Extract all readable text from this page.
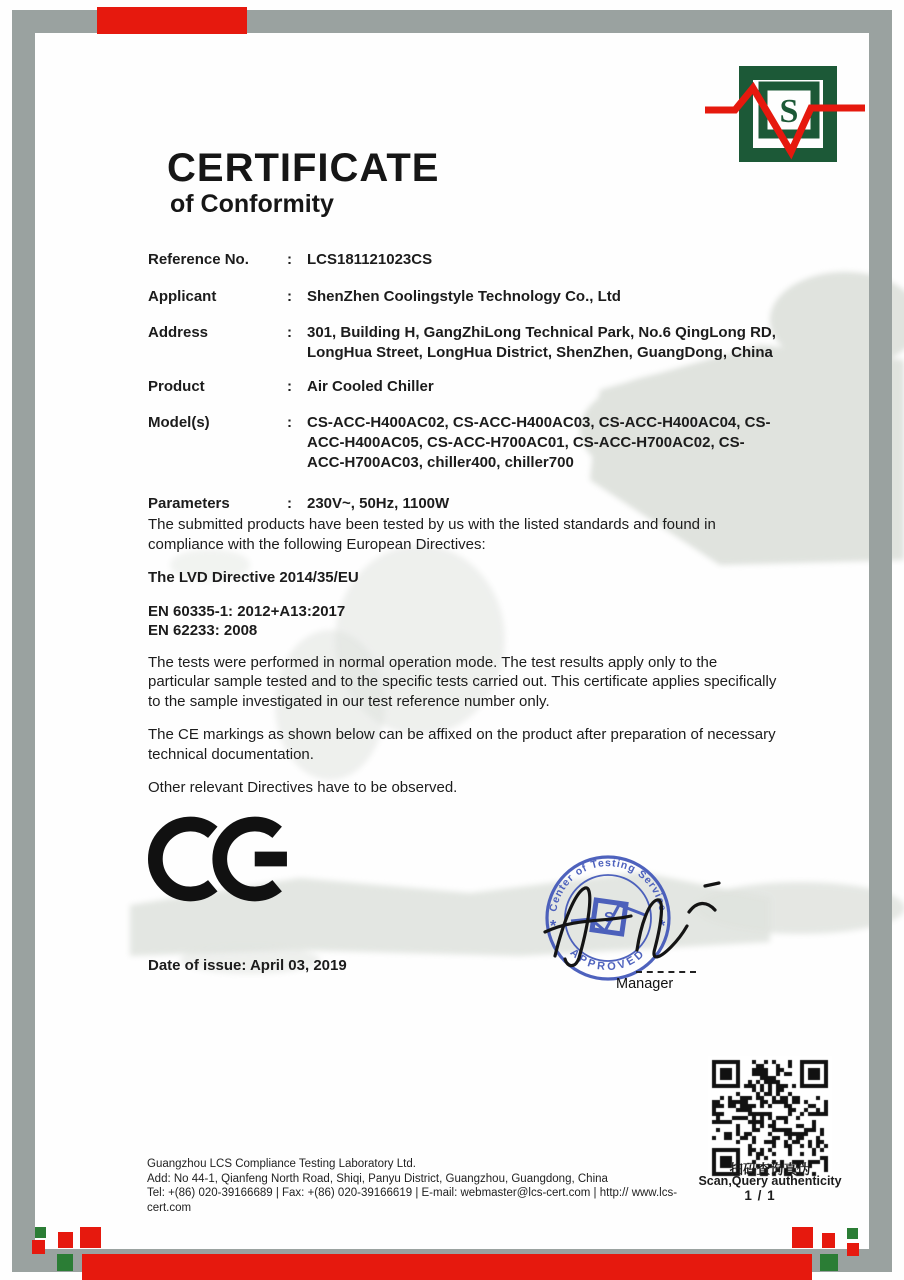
S
CERTIFICATE
of Conformity
Reference No.	:	LCS181121023CS
Applicant	:	ShenZhen Coolingstyle Technology Co., Ltd
Address	:	301, Building H, GangZhiLong Technical Park, No.6 QingLong RD, LongHua Street, LongHua District, ShenZhen, GuangDong, China
Product	:	Air Cooled Chiller
Model(s)	:	CS-ACC-H400AC02, CS-ACC-H400AC03, CS-ACC-H400AC04, CS-ACC-H400AC05, CS-ACC-H700AC01, CS-ACC-H700AC02, CS-ACC-H700AC03, chiller400, chiller700
Parameters	:	230V~, 50Hz, 1100W

The submitted products have been tested by us with the listed standards and found in compliance with the following European Directives:

The LVD Directive 2014/35/EU

EN 60335-1: 2012+A13:2017
EN 62233: 2008

The tests were performed in normal operation mode. The test results apply only to the particular sample tested and to the specific tests carried out. This certificate applies specifically to the sample investigated in our test reference number only.

The CE markings as shown below can be affixed on the product after preparation of necessary technical documentation.

Other relevant Directives have to be observed.

Date of issue: April 03, 2019
S
*	*
Center of Testing Service
APPROVED
Manager
扫码查询真伪
Scan,Query authenticity
1 / 1
Guangzhou LCS Compliance Testing Laboratory Ltd.
Add: No 44-1, Qianfeng North Road, Shiqi, Panyu District, Guangzhou, Guangdong, China
Tel: +(86) 020-39166689 | Fax: +(86) 020-39166619 | E-mail: webmaster@lcs-cert.com | http:// www.lcs-cert.com
